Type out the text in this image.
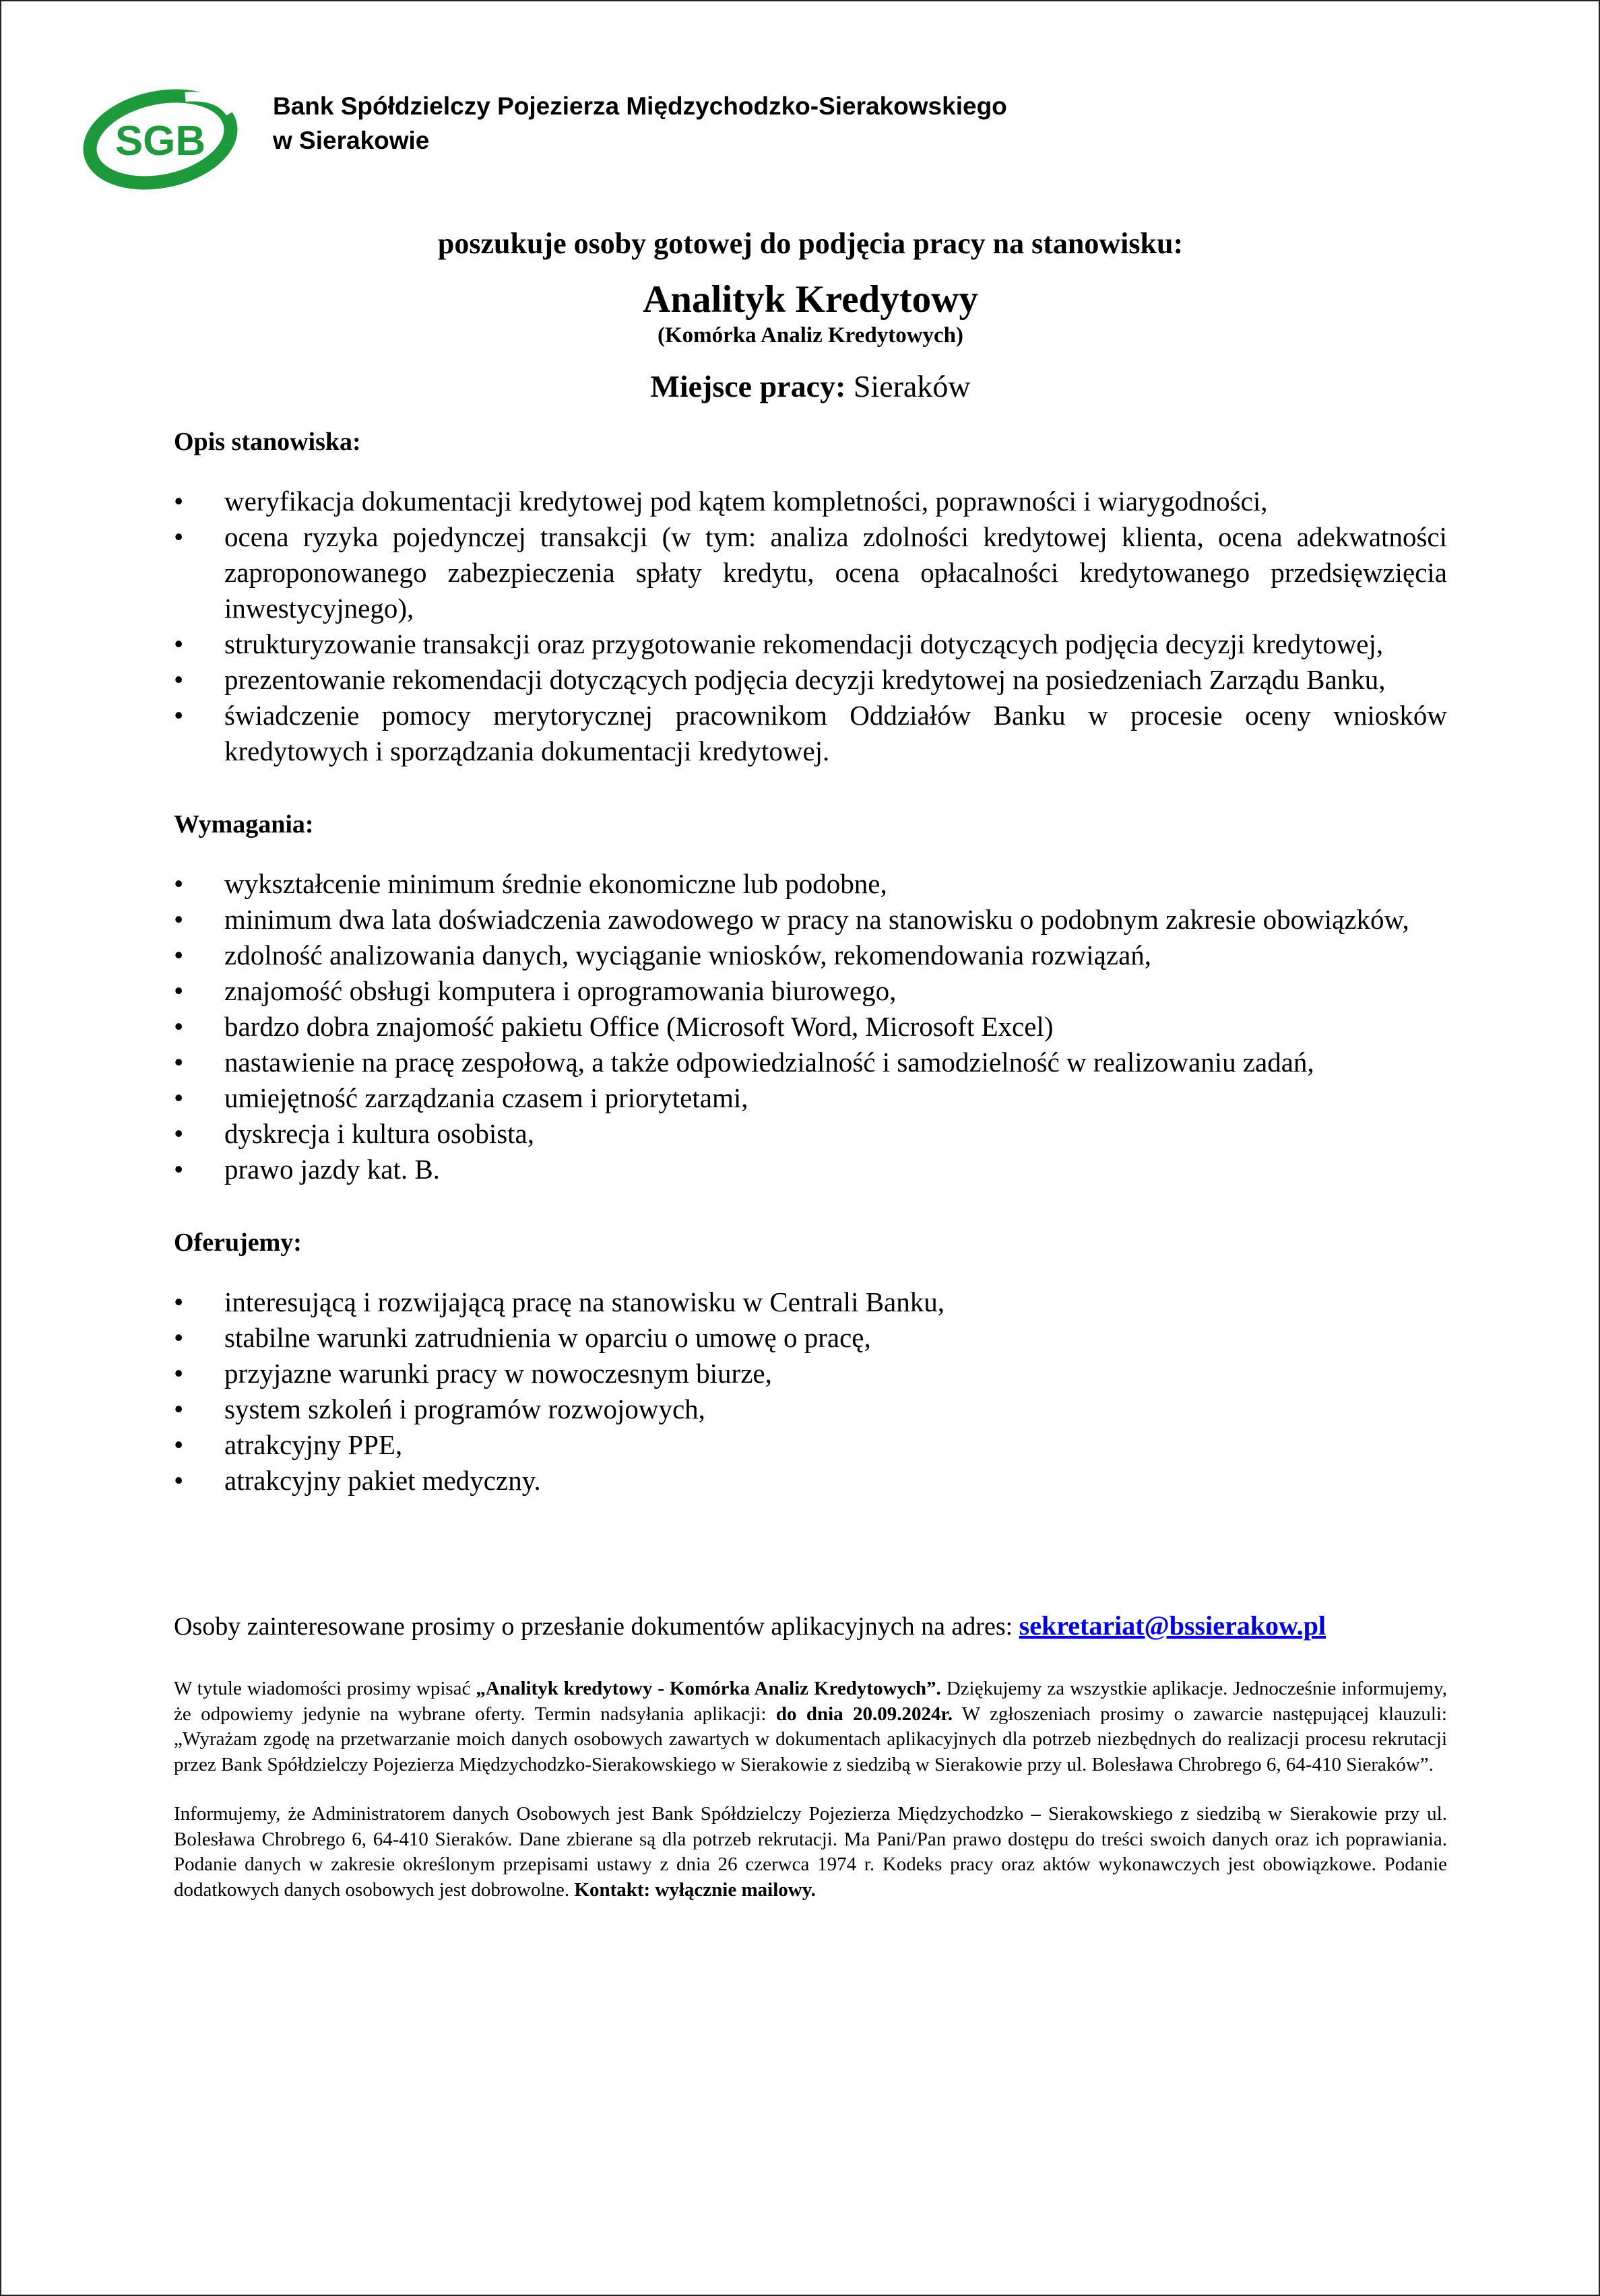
SGB
Bank Spółdzielczy Pojezierza Międzychodzko-Sierakowskiego
w Sierakowie
poszukuje osoby gotowej do podjęcia pracy na stanowisku:
Analityk Kredytowy
(Komórka Analiz Kredytowych)
Miejsce pracy: Sieraków
Opis stanowiska:
• weryfikacja dokumentacji kredytowej pod kątem kompletności, poprawności i wiarygodności,
• ocena ryzyka pojedynczej transakcji (w tym: analiza zdolności kredytowej klienta, ocena adekwatności zaproponowanego zabezpieczenia spłaty kredytu, ocena opłacalności kredytowanego przedsięwzięcia inwestycyjnego),
• strukturyzowanie transakcji oraz przygotowanie rekomendacji dotyczących podjęcia decyzji kredytowej,
• prezentowanie rekomendacji dotyczących podjęcia decyzji kredytowej na posiedzeniach Zarządu Banku,
• świadczenie pomocy merytorycznej pracownikom Oddziałów Banku w procesie oceny wniosków kredytowych i sporządzania dokumentacji kredytowej.
Wymagania:
• wykształcenie minimum średnie ekonomiczne lub podobne,
• minimum dwa lata doświadczenia zawodowego w pracy na stanowisku o podobnym zakresie obowiązków,
• zdolność analizowania danych, wyciąganie wniosków, rekomendowania rozwiązań,
• znajomość obsługi komputera i oprogramowania biurowego,
• bardzo dobra znajomość pakietu Office (Microsoft Word, Microsoft Excel)
• nastawienie na pracę zespołową, a także odpowiedzialność i samodzielność w realizowaniu zadań,
• umiejętność zarządzania czasem i priorytetami,
• dyskrecja i kultura osobista,
• prawo jazdy kat. B.
Oferujemy:
• interesującą i rozwijającą pracę na stanowisku w Centrali Banku,
• stabilne warunki zatrudnienia w oparciu o umowę o pracę,
• przyjazne warunki pracy w nowoczesnym biurze,
• system szkoleń i programów rozwojowych,
• atrakcyjny PPE,
• atrakcyjny pakiet medyczny.
Osoby zainteresowane prosimy o przesłanie dokumentów aplikacyjnych na adres: sekretariat@bssierakow.pl
W tytule wiadomości prosimy wpisać „Analityk kredytowy - Komórka Analiz Kredytowych”. Dziękujemy za wszystkie aplikacje. Jednocześnie informujemy, że odpowiemy jedynie na wybrane oferty. Termin nadsyłania aplikacji: do dnia 20.09.2024r. W zgłoszeniach prosimy o zawarcie następującej klauzuli: „Wyrażam zgodę na przetwarzanie moich danych osobowych zawartych w dokumentach aplikacyjnych dla potrzeb niezbędnych do realizacji procesu rekrutacji przez Bank Spółdzielczy Pojezierza Międzychodzko-Sierakowskiego w Sierakowie z siedzibą w Sierakowie przy ul. Bolesława Chrobrego 6, 64-410 Sieraków”.
Informujemy, że Administratorem danych Osobowych jest Bank Spółdzielczy Pojezierza Międzychodzko – Sierakowskiego z siedzibą w Sierakowie przy ul. Bolesława Chrobrego 6, 64-410 Sieraków. Dane zbierane są dla potrzeb rekrutacji. Ma Pani/Pan prawo dostępu do treści swoich danych oraz ich poprawiania. Podanie danych w zakresie określonym przepisami ustawy z dnia 26 czerwca 1974 r. Kodeks pracy oraz aktów wykonawczych jest obowiązkowe. Podanie dodatkowych danych osobowych jest dobrowolne. Kontakt: wyłącznie mailowy.
